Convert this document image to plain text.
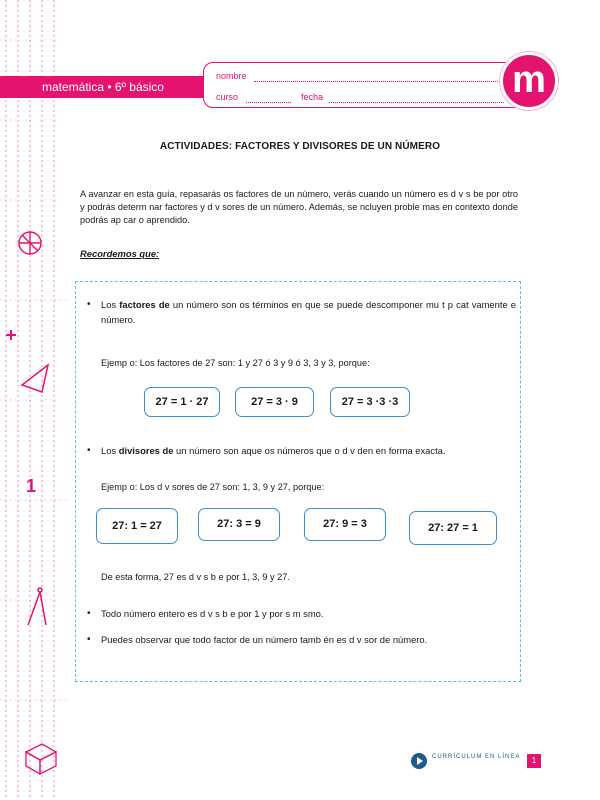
1
matemática • 6º básico
nombre
curso	fecha	m
ACTIVIDADES: FACTORES Y DIVISORES DE UN NÚMERO
A avanzar en esta guía, repasarás os factores de un número, verás cuando un número es d v s be por otro y podrás determ nar factores y d v sores de un número. Además, se ncluyen proble mas en contexto donde podrás ap car o aprendido.
Recordemos que:
• Los factores de un número son os términos en que se puede descomponer mu t p cat vamente e número.
Ejemp o: Los factores de 27 son: 1 y 27 ó 3 y 9 ó 3, 3 y 3, porque:
27 = 1 · 27	27 = 3 · 9	27 = 3 ·3 ·3
• Los divisores de un número son aque os números que o d v den en forma exacta.
Ejemp o: Los d v sores de 27 son: 1, 3, 9 y 27, porque:
27: 1 = 27	27: 3 = 9	27: 9 = 3	27: 27 = 1
De esta forma, 27 es d v s b e por 1, 3, 9 y 27.
• Todo número entero es d v s b e por 1 y por s m smo.
• Puedes observar que todo factor de un número tamb én es d v sor de número.
CURRÍCULUM EN LÍNEA	1
